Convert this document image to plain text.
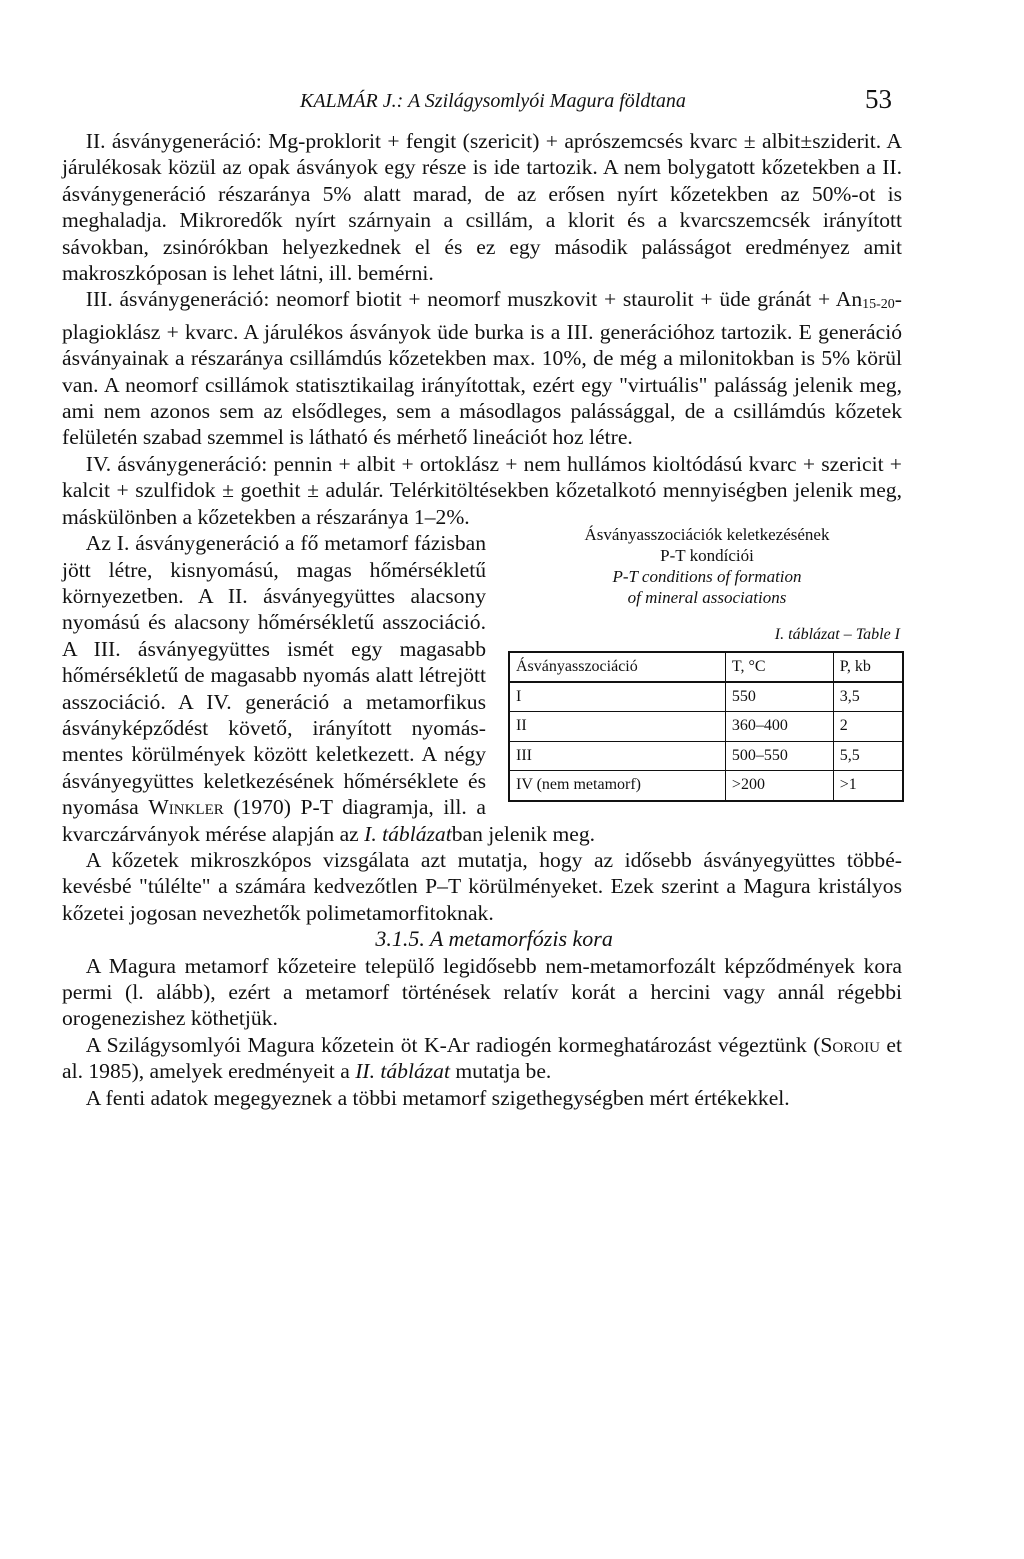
KALMÁR J.: A Szilágysomlyói Magura földtana	53

II. ásványgeneráció: Mg-proklorit + fengit (szericit) + aprószemcsés kvarc ± albit±sziderit. A járulékosak közül az opak ásványok egy része is ide tartozik. A nem bolygatott kőzetekben a II. ásványgeneráció részaránya 5% alatt marad, de az erősen nyírt kőzetekben az 50%-ot is meghaladja. Mikroredők nyírt szárnyain a csillám, a klorit és a kvarcszemcsék irányított sávokban, zsinórókban helyezkednek el és ez egy második palásságot eredményez amit makroszkóposan is lehet látni, ill. bemérni.

III. ásványgeneráció: neomorf biotit + neomorf muszkovit + staurolit + üde gránát + $An_{15-20}$-plagioklász + kvarc. A járulékos ásványok üde burka is a III. generációhoz tartozik. E generáció ásványainak a részaránya csillámdús kőzetekben max. 10%, de még a milonitokban is 5% körül van. A neomorf csillámok statisztikailag irányítottak, ezért egy "virtuális" palásság jelenik meg, ami nem azonos sem az elsődleges, sem a másodlagos palássággal, de a csillámdús kőzetek felületén szabad szemmel is látható és mérhető lineációt hoz létre.

IV. ásványgeneráció: pennin + albit + ortoklász + nem hullámos kioltódású kvarc + szericit + kalcit + szulfidok ± goethit ± adulár. Telérkitöltésekben kőzetalkotó mennyiségben jelenik meg, máskülönben a kőzetekben a részaránya 1–2%.

Ásványasszociációk keletkezésének
P-T kondíciói
P-T conditions of formation
of mineral associations
I. táblázat – Table I
Ásványasszociáció	T, °C	P, kb
I	550	3,5
II	360–400	2
III	500–550	5,5
IV (nem metamorf)	>200	>1

Az I. ásványgeneráció a fő metamorf fázisban jött létre, kisnyomású, magas hőmérsékletű környezetben. A II. ásványegyüttes alacsony nyomású és alacsony hőmérsékletű asszociáció. A III. ásványegyüttes ismét egy magasabb hőmérsékletű de magasabb nyomás alatt létrejött asszociáció. A IV. generáció a metamorfikus ásványképződést követő, irányított nyomás-mentes körülmények között keletkezett. A négy ásványegyüttes keletkezésének hőmérséklete és nyomása Winkler (1970) P-T diagramja, ill. a kvarczárványok mérése alapján az I. táblázatban jelenik meg.

A kőzetek mikroszkópos vizsgálata azt mutatja, hogy az idősebb ásványegyüttes többé-kevésbé "túlélte" a számára kedvezőtlen P–T körülményeket. Ezek szerint a Magura kristályos kőzetei jogosan nevezhetők polimetamorfitoknak.

3.1.5. A metamorfózis kora

A Magura metamorf kőzeteire települő legidősebb nem-metamorfozált képződmények kora permi (l. alább), ezért a metamorf történések relatív korát a hercini vagy annál régebbi orogenezishez köthetjük.

A Szilágysomlyói Magura kőzetein öt K-Ar radiogén kormeghatározást végeztünk (Soroiu et al. 1985), amelyek eredményeit a II. táblázat mutatja be.

A fenti adatok megegyeznek a többi metamorf szigethegységben mért értékekkel.
